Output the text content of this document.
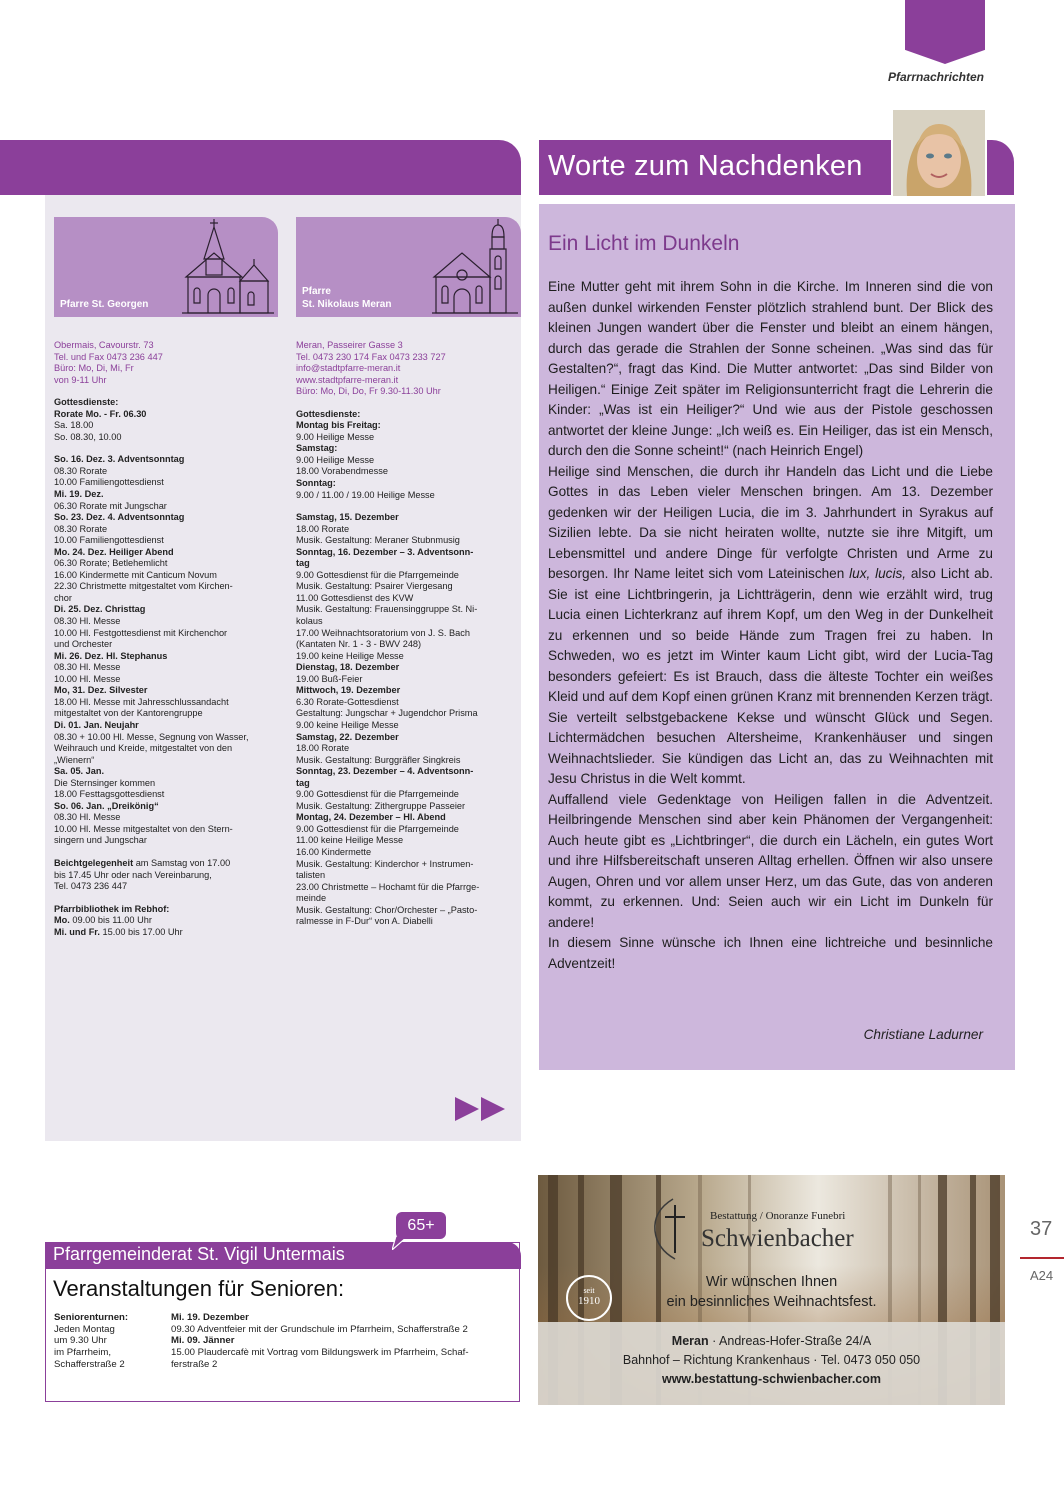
Pfarrnachrichten
Pfarre St. Georgen
Pfarre
St. Nikolaus Meran
Obermais, Cavourstr. 73
Tel. und Fax 0473 236 447
Büro: Mo, Di, Mi, Fr
von 9-11 Uhr
Gottesdienste:
Rorate Mo. - Fr. 06.30
Sa. 18.00
So. 08.30, 10.00
So. 16. Dez. 3. Adventsonntag
08.30 Rorate
10.00 Familiengottesdienst
Mi. 19. Dez.
06.30 Rorate mit Jungschar
So. 23. Dez. 4. Adventsonntag
08.30 Rorate
10.00 Familiengottesdienst
Mo. 24. Dez. Heiliger Abend
06.30 Rorate; Betlehemlicht
16.00 Kindermette mit Canticum Novum
22.30 Christmette mitgestaltet vom Kirchen-
chor
Di. 25. Dez. Christtag
08.30 Hl. Messe
10.00 Hl. Festgottesdienst mit Kirchenchor
und Orchester
Mi. 26. Dez. Hl. Stephanus
08.30 Hl. Messe
10.00 Hl. Messe
Mo, 31. Dez. Silvester
18.00 Hl. Messe mit Jahresschlussandacht
mitgestaltet von der Kantorengruppe
Di. 01. Jan. Neujahr
08.30 + 10.00 Hl. Messe, Segnung von Wasser,
Weihrauch und Kreide, mitgestaltet von den
„Wienern“
Sa. 05. Jan.
Die Sternsinger kommen
18.00 Festtagsgottesdienst
So. 06. Jan. „Dreikönig“
08.30 Hl. Messe
10.00 Hl. Messe mitgestaltet von den Stern-
singern und Jungschar
Beichtgelegenheit am Samstag von 17.00
bis 17.45 Uhr oder nach Vereinbarung,
Tel. 0473 236 447
Pfarrbibliothek im Rebhof:
Mo. 09.00 bis 11.00 Uhr
Mi. und Fr. 15.00 bis 17.00 Uhr
Meran, Passeirer Gasse 3
Tel. 0473 230 174 Fax 0473 233 727
info@stadtpfarre-meran.it
www.stadtpfarre-meran.it
Büro: Mo, Di, Do, Fr 9.30-11.30 Uhr
Gottesdienste:
Montag bis Freitag:
9.00 Heilige Messe
Samstag:
9.00 Heilige Messe
18.00 Vorabendmesse
Sonntag:
9.00 / 11.00 / 19.00 Heilige Messe
Samstag, 15. Dezember
18.00 Rorate
Musik. Gestaltung: Meraner Stubnmusig
Sonntag, 16. Dezember – 3. Adventsonn-
tag
9.00 Gottesdienst für die Pfarrgemeinde
Musik. Gestaltung: Psairer Viergesang
11.00 Gottesdienst des KVW
Musik. Gestaltung: Frauensinggruppe St. Ni-
kolaus
17.00 Weihnachtsoratorium von J. S. Bach
(Kantaten Nr. 1 - 3 - BWV 248)
19.00 keine Heilige Messe
Dienstag, 18. Dezember
19.00 Buß-Feier
Mittwoch, 19. Dezember
6.30 Rorate-Gottesdienst
Gestaltung: Jungschar + Jugendchor Prisma
9.00 keine Heilige Messe
Samstag, 22. Dezember
18.00 Rorate
Musik. Gestaltung: Burggräfler Singkreis
Sonntag, 23. Dezember – 4. Adventsonn-
tag
9.00 Gottesdienst für die Pfarrgemeinde
Musik. Gestaltung: Zithergruppe Passeier
Montag, 24. Dezember – Hl. Abend
9.00 Gottesdienst für die Pfarrgemeinde
11.00 keine Heilige Messe
16.00 Kindermette
Musik. Gestaltung: Kinderchor + Instrumen-
talisten
23.00 Christmette – Hochamt für die Pfarrge-
meinde
Musik. Gestaltung: Chor/Orchester – „Pasto-
ralmesse in F-Dur“ von A. Diabelli
Worte zum Nachdenken
Ein Licht im Dunkeln

Eine Mutter geht mit ihrem Sohn in die Kirche. Im Inneren sind die von außen dunkel wirkenden Fenster plötzlich strahlend bunt. Der Blick des kleinen Jungen wandert über die Fenster und bleibt an einem hängen, durch das gerade die Strahlen der Sonne scheinen. „Was sind das für Gestalten?“, fragt das Kind. Die Mutter antwortet: „Das sind Bilder von Heiligen.“ Einige Zeit später im Religionsunterricht fragt die Lehrerin die Kinder: „Was ist ein Heiliger?“ Und wie aus der Pistole geschossen antwortet der kleine Junge: „Ich weiß es. Ein Heiliger, das ist ein Mensch, durch den die Sonne scheint!“ (nach Heinrich Engel)

Heilige sind Menschen, die durch ihr Handeln das Licht und die Liebe Gottes in das Leben vieler Menschen bringen. Am 13. Dezember gedenken wir der Heiligen Lucia, die im 3. Jahrhundert in Syrakus auf Sizilien lebte. Da sie nicht heiraten wollte, nutzte sie ihre Mitgift, um Lebensmittel und andere Dinge für verfolgte Christen und Arme zu besorgen. Ihr Name leitet sich vom Lateinischen lux, lucis, also Licht ab. Sie ist eine Lichtbringerin, ja Lichtträgerin, denn wie erzählt wird, trug Lucia einen Lichterkranz auf ihrem Kopf, um den Weg in der Dunkelheit zu erkennen und so beide Hände zum Tragen frei zu haben. In Schweden, wo es jetzt im Winter kaum Licht gibt, wird der Lucia-Tag besonders gefeiert: Es ist Brauch, dass die älteste Tochter ein weißes Kleid und auf dem Kopf einen grünen Kranz mit brennenden Kerzen trägt. Sie verteilt selbstgebackene Kekse und wünscht Glück und Segen. Lichtermädchen besuchen Altersheime, Krankenhäuser und singen Weihnachtslieder. Sie kündigen das Licht an, das zu Weihnachten mit Jesu Christus in die Welt kommt.

Auffallend viele Gedenktage von Heiligen fallen in die Adventzeit. Heilbringende Menschen sind aber kein Phänomen der Vergangenheit: Auch heute gibt es „Lichtbringer“, die durch ein Lächeln, ein gutes Wort und ihre Hilfsbereitschaft unseren Alltag erhellen. Öffnen wir also unsere Augen, Ohren und vor allem unser Herz, um das Gute, das von anderen kommt, zu erkennen. Und: Seien auch wir ein Licht im Dunkeln für andere!

In diesem Sinne wünsche ich Ihnen eine lichtreiche und besinnliche Adventzeit!

Christiane Ladurner
Pfarrgemeinderat St. Vigil Untermais
65+
Veranstaltungen für Senioren:
Seniorenturnen:
Jeden Montag
um 9.30 Uhr
im Pfarrheim,
Schafferstraße 2
Mi. 19. Dezember
09.30 Adventfeier mit der Grundschule im Pfarrheim, Schafferstraße 2
Mi. 09. Jänner
15.00 Plaudercafè mit Vortrag vom Bildungswerk im Pfarrheim, Schaf-
ferstraße 2
Bestattung / Onoranze Funebri
Schwienbacher
Wir wünschen Ihnen
ein besinnliches Weihnachtsfest.
seit
1910
Meran · Andreas-Hofer-Straße 24/A
Bahnhof – Richtung Krankenhaus · Tel. 0473 050 050
www.bestattung-schwienbacher.com
37
A24
